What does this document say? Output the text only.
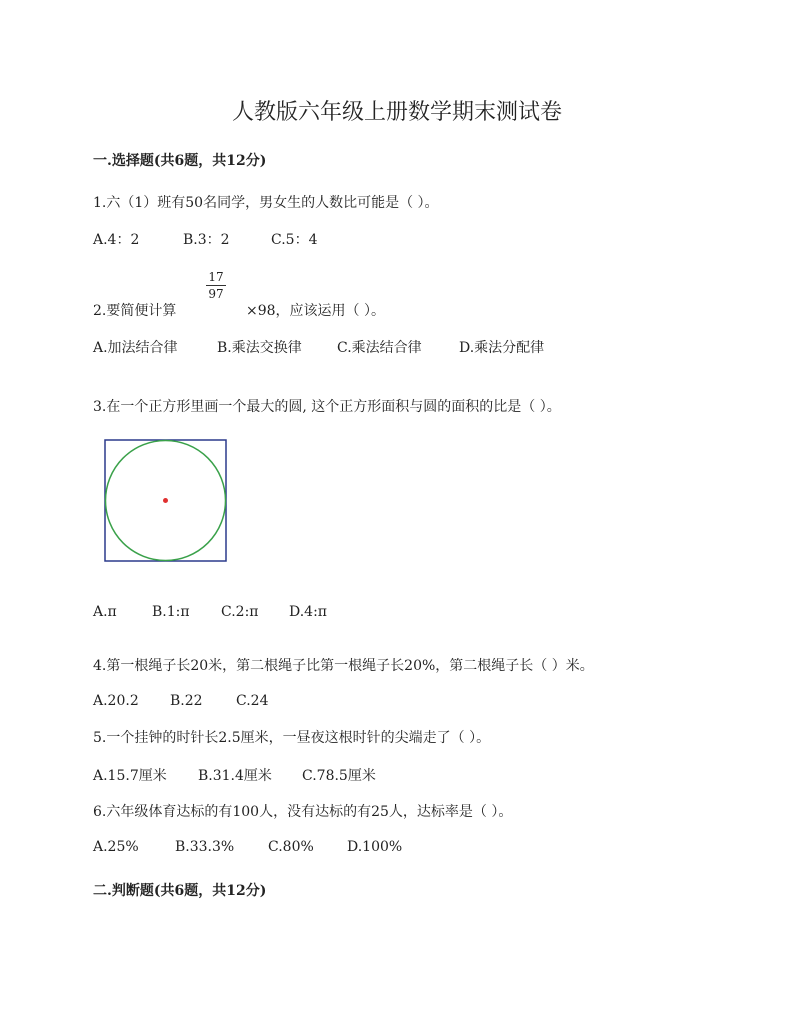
人教版六年级上册数学期末测试卷
一.选择题(共6题，共12分)
1.六（1）班有50名同学，男女生的人数比可能是（ ）。
A.4：2	B.3：2	C.5：4
2.要简便计算
17
97
×98，应该运用（ ）。
A.加法结合律	B.乘法交换律	C.乘法结合律	D.乘法分配律
3.在一个正方形里画一个最大的圆, 这个正方形面积与圆的面积的比是（ ）。
A.π	B.1:π C.2:π D.4:π
4.第一根绳子长20米，第二根绳子比第一根绳子长20%，第二根绳子长（ ）米。
A.20.2 B.22 C.24
5.一个挂钟的时针长2.5厘米，一昼夜这根时针的尖端走了（ ）。
A.15.7厘米 B.31.4厘米 C.78.5厘米
6.六年级体育达标的有100人，没有达标的有25人，达标率是（ ）。
A.25%	B.33.3% C.80% D.100%
二.判断题(共6题，共12分)
